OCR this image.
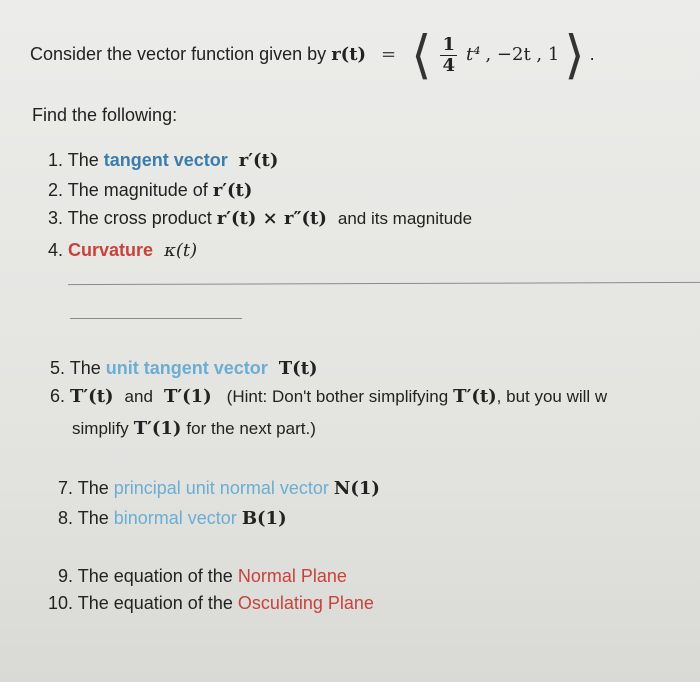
Consider the vector function given by r(t) = ⟨ $\frac{1}{4} t^4$ , −2t , 1 ⟩ .
Find the following:
1. The tangent vector r′(t)
2. The magnitude of r′(t)
3. The cross product r′(t) × r″(t) and its magnitude
4. Curvature κ(t)
5. The unit tangent vector T(t)
6. T′(t) and T′(1) (Hint: Don't bother simplifying T′(t), but you will w
simplify T′(1) for the next part.)
7. The principal unit normal vector N(1)
8. The binormal vector B(1)
9. The equation of the Normal Plane
10. The equation of the Osculating Plane
